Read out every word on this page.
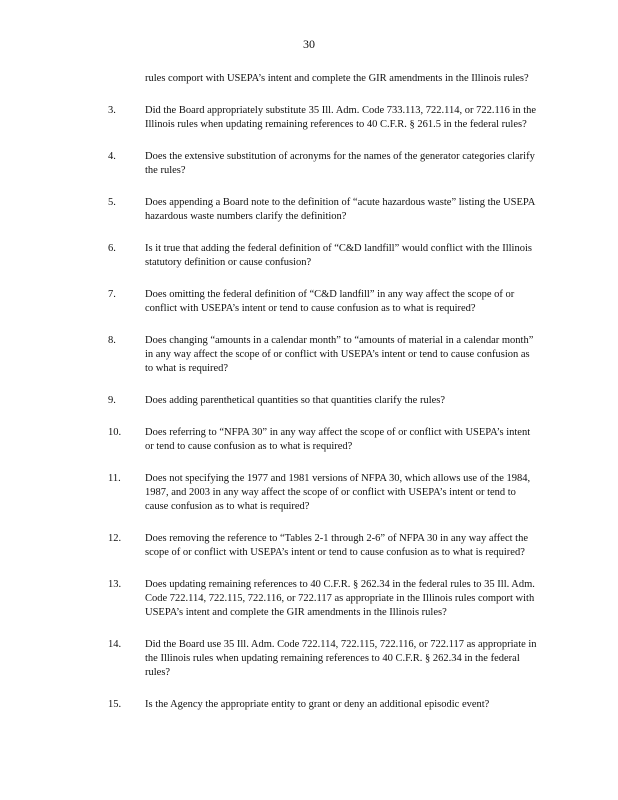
30

rules comport with USEPA’s intent and complete the GIR amendments in the Illinois rules?

3.	Did the Board appropriately substitute 35 Ill. Adm. Code 733.113, 722.114, or 722.116 in the Illinois rules when updating remaining references to 40 C.F.R. § 261.5 in the federal rules?

4.	Does the extensive substitution of acronyms for the names of the generator categories clarify the rules?

5.	Does appending a Board note to the definition of “acute hazardous waste” listing the USEPA hazardous waste numbers clarify the definition?

6.	Is it true that adding the federal definition of “C&D landfill” would conflict with the Illinois statutory definition or cause confusion?

7.	Does omitting the federal definition of “C&D landfill” in any way affect the scope of or conflict with USEPA’s intent or tend to cause confusion as to what is required?

8.	Does changing “amounts in a calendar month” to “amounts of material in a calendar month” in any way affect the scope of or conflict with USEPA’s intent or tend to cause confusion as to what is required?

9.	Does adding parenthetical quantities so that quantities clarify the rules?

10.	Does referring to “NFPA 30” in any way affect the scope of or conflict with USEPA’s intent or tend to cause confusion as to what is required?

11.	Does not specifying the 1977 and 1981 versions of NFPA 30, which allows use of the 1984, 1987, and 2003 in any way affect the scope of or conflict with USEPA’s intent or tend to cause confusion as to what is required?

12.	Does removing the reference to “Tables 2-1 through 2-6” of NFPA 30 in any way affect the scope of or conflict with USEPA’s intent or tend to cause confusion as to what is required?

13.	Does updating remaining references to 40 C.F.R. § 262.34 in the federal rules to 35 Ill. Adm. Code 722.114, 722.115, 722.116, or 722.117 as appropriate in the Illinois rules comport with USEPA’s intent and complete the GIR amendments in the Illinois rules?

14.	Did the Board use 35 Ill. Adm. Code 722.114, 722.115, 722.116, or 722.117 as appropriate in the Illinois rules when updating remaining references to 40 C.F.R. § 262.34 in the federal rules?

15.	Is the Agency the appropriate entity to grant or deny an additional episodic event?
